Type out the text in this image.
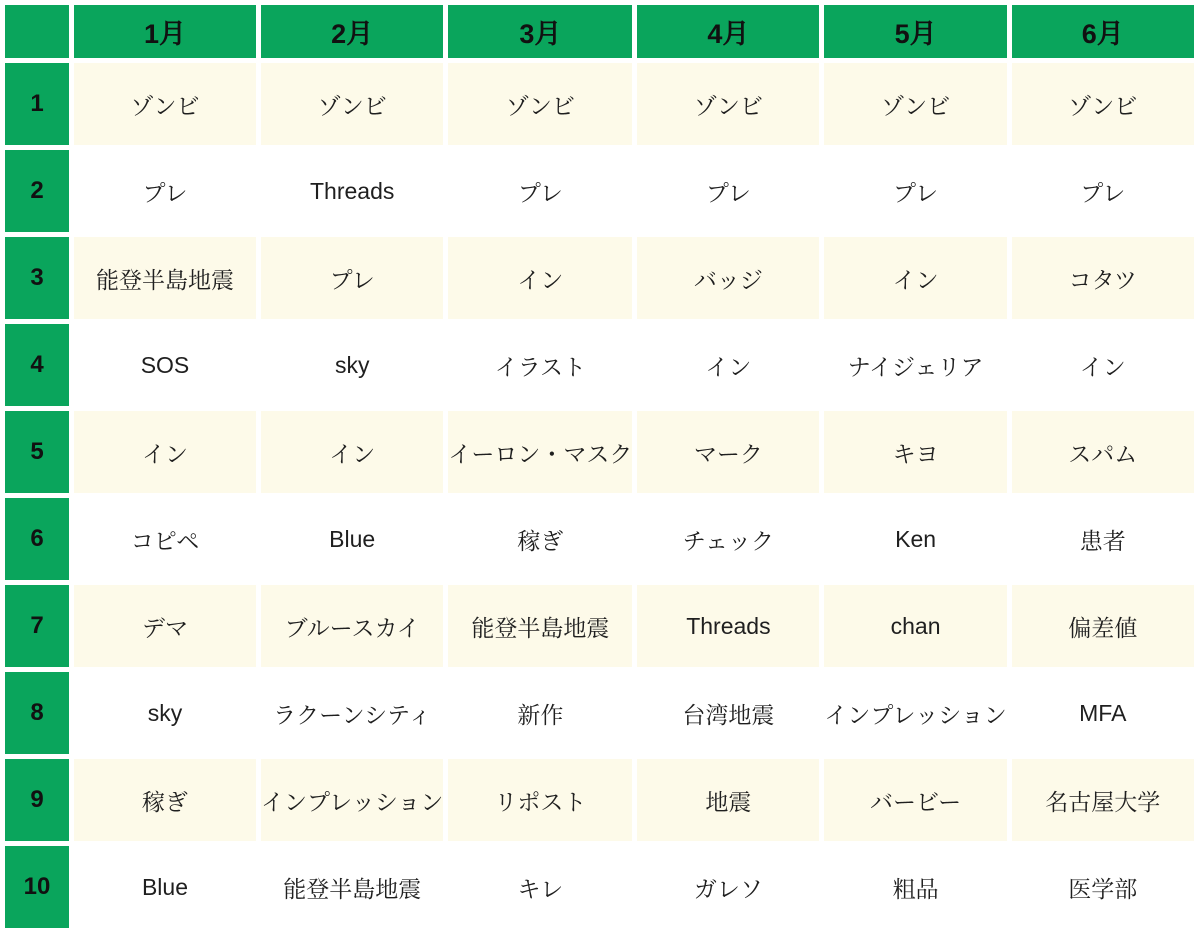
	1月	2月	3月	4月	5月	6月
1	ゾンビ	ゾンビ	ゾンビ	ゾンビ	ゾンビ	ゾンビ
2	プレ	Threads	プレ	プレ	プレ	プレ
3	能登半島地震	プレ	イン	バッジ	イン	コタツ
4	SOS	sky	イラスト	イン	ナイジェリア	イン
5	イン	イン	イーロン・マスク	マーク	キヨ	スパム
6	コピペ	Blue	稼ぎ	チェック	Ken	患者
7	デマ	ブルースカイ	能登半島地震	Threads	chan	偏差値
8	sky	ラクーンシティ	新作	台湾地震	インプレッション	MFA
9	稼ぎ	インプレッション	リポスト	地震	バービー	名古屋大学
10	Blue	能登半島地震	キレ	ガレソ	粗品	医学部
